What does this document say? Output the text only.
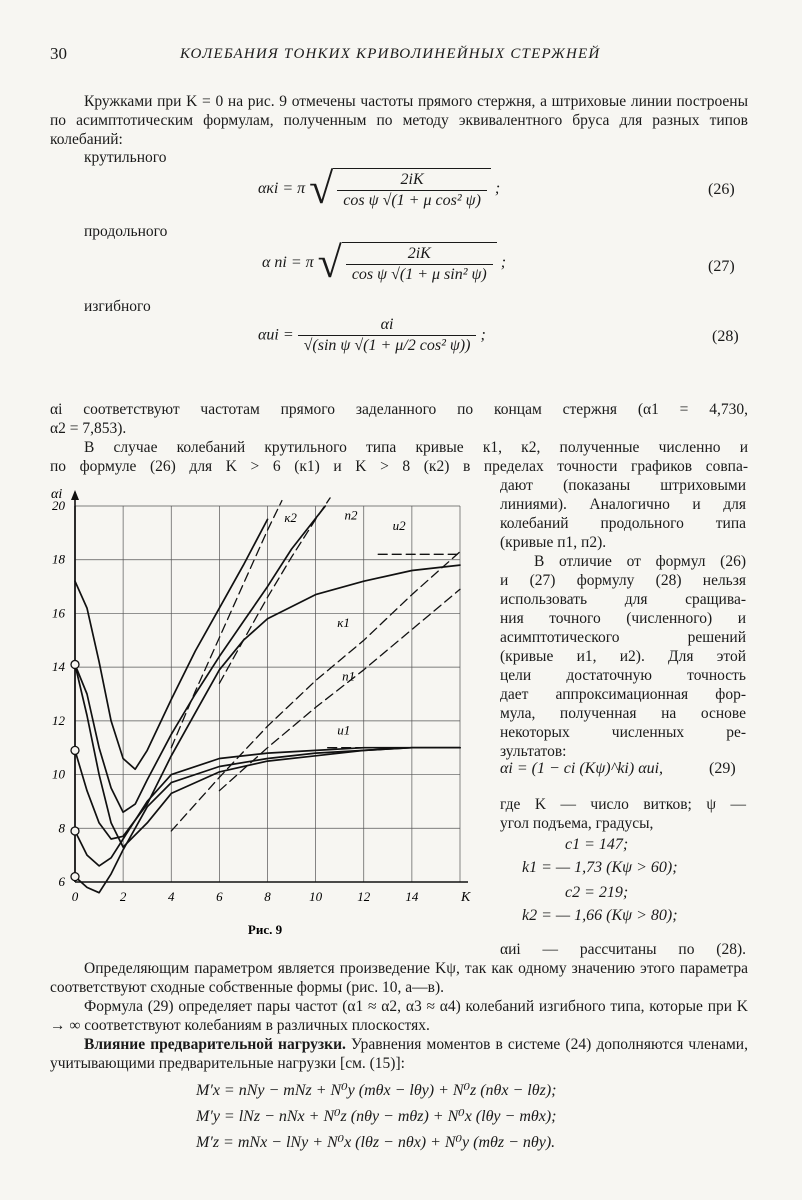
30	КОЛЕБАНИЯ ТОНКИХ КРИВОЛИНЕЙНЫХ СТЕРЖНЕЙ
Кружками при K = 0 на рис. 9 отмечены частоты прямого стержня, а штриховые линии построены по асимптотическим формулам, полученным по методу эквивалентного бруса для разных типов колебаний:
крутильного
αкi = π √ $\frac{2iK}{\text{cos ψ √(1 + μ cos² ψ)}}$ ;	(26)
продольного
α пi = π √ $\frac{2iK}{\text{cos ψ √(1 + μ sin² ψ)}}$ ;	(27)
изгибного
$\alpha иi = \frac{\alpha i}{\text{√(sin ψ √(1 + μ/2 cos² ψ))}}$ ;	(28)
αi соответствуют частотам прямого заделанного по концам стержня (α1 = 4,730,
α2 = 7,853).
В случае колебаний крутильного типа кривые к1, к2, полученные численно и
по формуле (26) для K > 6 (к1) и K > 8 (к2) в пределах точности графиков совпа-
дают (показаны штриховыми
линиями). Аналогично и для
колебаний продольного типа
(кривые п1, п2).
В отличие от формул (26)
и (27) формулу (28) нельзя
использовать для сращива-
ния точного (численного) и
асимптотического решений
(кривые и1, и2). Для этой
цели достаточную точность
дает аппроксимационная фор-
мула, полученная на основе
некоторых численных ре-
зультатов:
αi = (1 − ci (Kψ)^ki) αиi,	(29)
где K — число витков; ψ —
угол подъема, градусы,
c1 = 147;
k1 = — 1,73 (Kψ > 60);
c2 = 219;
k2 = — 1,66 (Kψ > 80);
αиi — рассчитаны по (28).
0	2	4	6	8	10	12	14
6
8
10
12
14
16
18
20
αi
K
Рис. 9
к2	п2
и2
к1
п1
и1
Определяющим параметром является произведение Kψ, так как одному значению этого параметра соответствуют сходные собственные формы (рис. 10, а—в).
Формула (29) определяет пары частот (α1 ≈ α2, α3 ≈ α4) колебаний изгибного типа, которые при K → ∞ соответствуют колебаниям в различных плоскостях.
Влияние предварительной нагрузки. Уравнения моментов в системе (24) дополняются членами, учитывающими предварительные нагрузки [см. (15)]:
M′x = nNy − mNz + N⁰y (mθx − lθy) + N⁰z (nθx − lθz);
M′y = lNz − nNx + N⁰z (nθy − mθz) + N⁰x (lθy − mθx);
M′z = mNx − lNy + N⁰x (lθz − nθx) + N⁰y (mθz − nθy).
